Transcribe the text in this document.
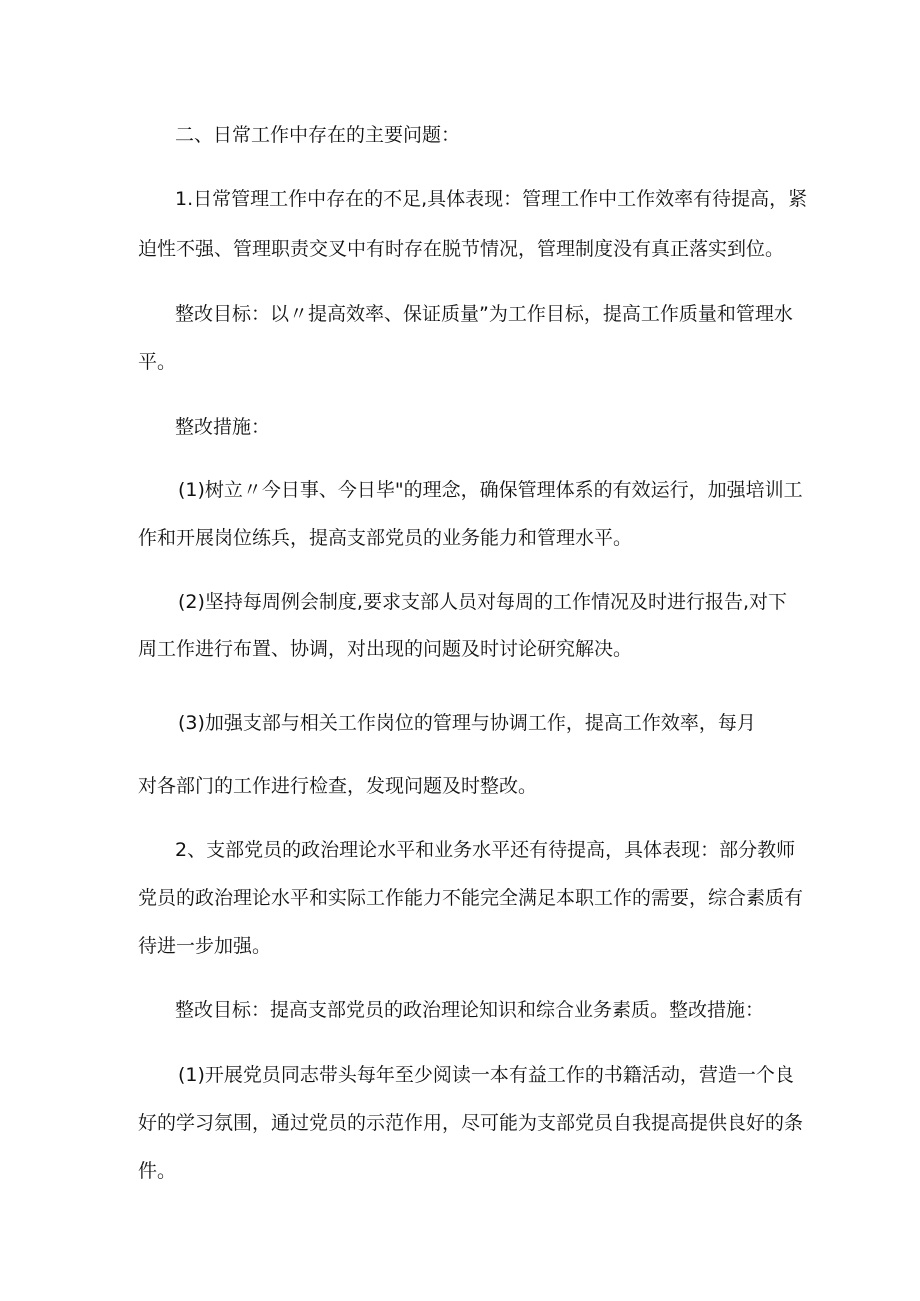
二、日常工作中存在的主要问题：
1.日常管理工作中存在的不足,具体表现：管理工作中工作效率有待提高，紧
迫性不强、管理职责交叉中有时存在脱节情况，管理制度没有真正落实到位。
整改目标：以〃提高效率、保证质量”为工作目标，提高工作质量和管理水
平。
整改措施：
(1)树立〃今日事、今日毕"的理念，确保管理体系的有效运行，加强培训工
作和开展岗位练兵，提高支部党员的业务能力和管理水平。
(2)坚持每周例会制度,要求支部人员对每周的工作情况及时进行报告,对下
周工作进行布置、协调，对出现的问题及时讨论研究解决。
(3)加强支部与相关工作岗位的管理与协调工作，提高工作效率，每月
对各部门的工作进行检查，发现问题及时整改。
2、支部党员的政治理论水平和业务水平还有待提高，具体表现：部分教师
党员的政治理论水平和实际工作能力不能完全满足本职工作的需要，综合素质有
待进一步加强。
整改目标：提高支部党员的政治理论知识和综合业务素质。整改措施：
(1)开展党员同志带头每年至少阅读一本有益工作的书籍活动，营造一个良
好的学习氛围，通过党员的示范作用，尽可能为支部党员自我提高提供良好的条
件。
